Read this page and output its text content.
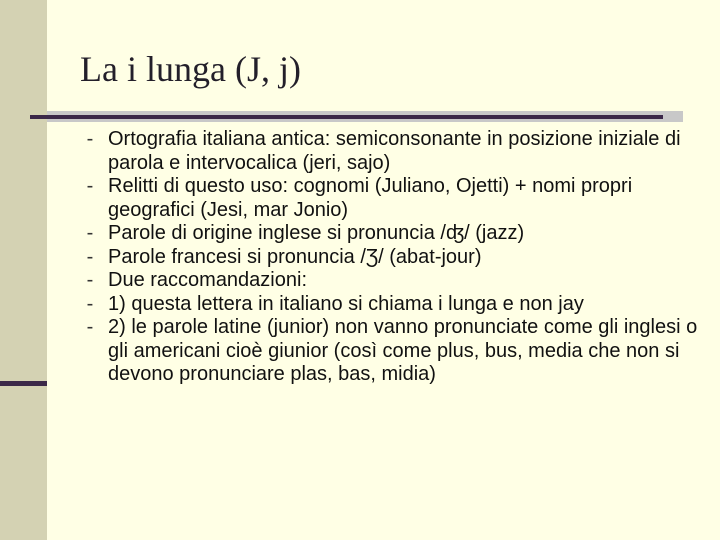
La i lunga (J, j)
- Ortografia italiana antica: semiconsonante in posizione iniziale di parola e intervocalica (jeri, sajo)
- Relitti di questo uso: cognomi (Juliano, Ojetti) + nomi propri geografici (Jesi, mar Jonio)
- Parole di origine inglese si pronuncia /ʤ/ (jazz)
- Parole francesi si pronuncia /Ʒ/ (abat-jour)
- Due raccomandazioni:
- 1) questa lettera in italiano si chiama i lunga e non jay
- 2) le parole latine (junior) non vanno pronunciate come gli inglesi o gli americani cioè giunior (così come plus, bus, media che non si devono pronunciare plas, bas, midia)
